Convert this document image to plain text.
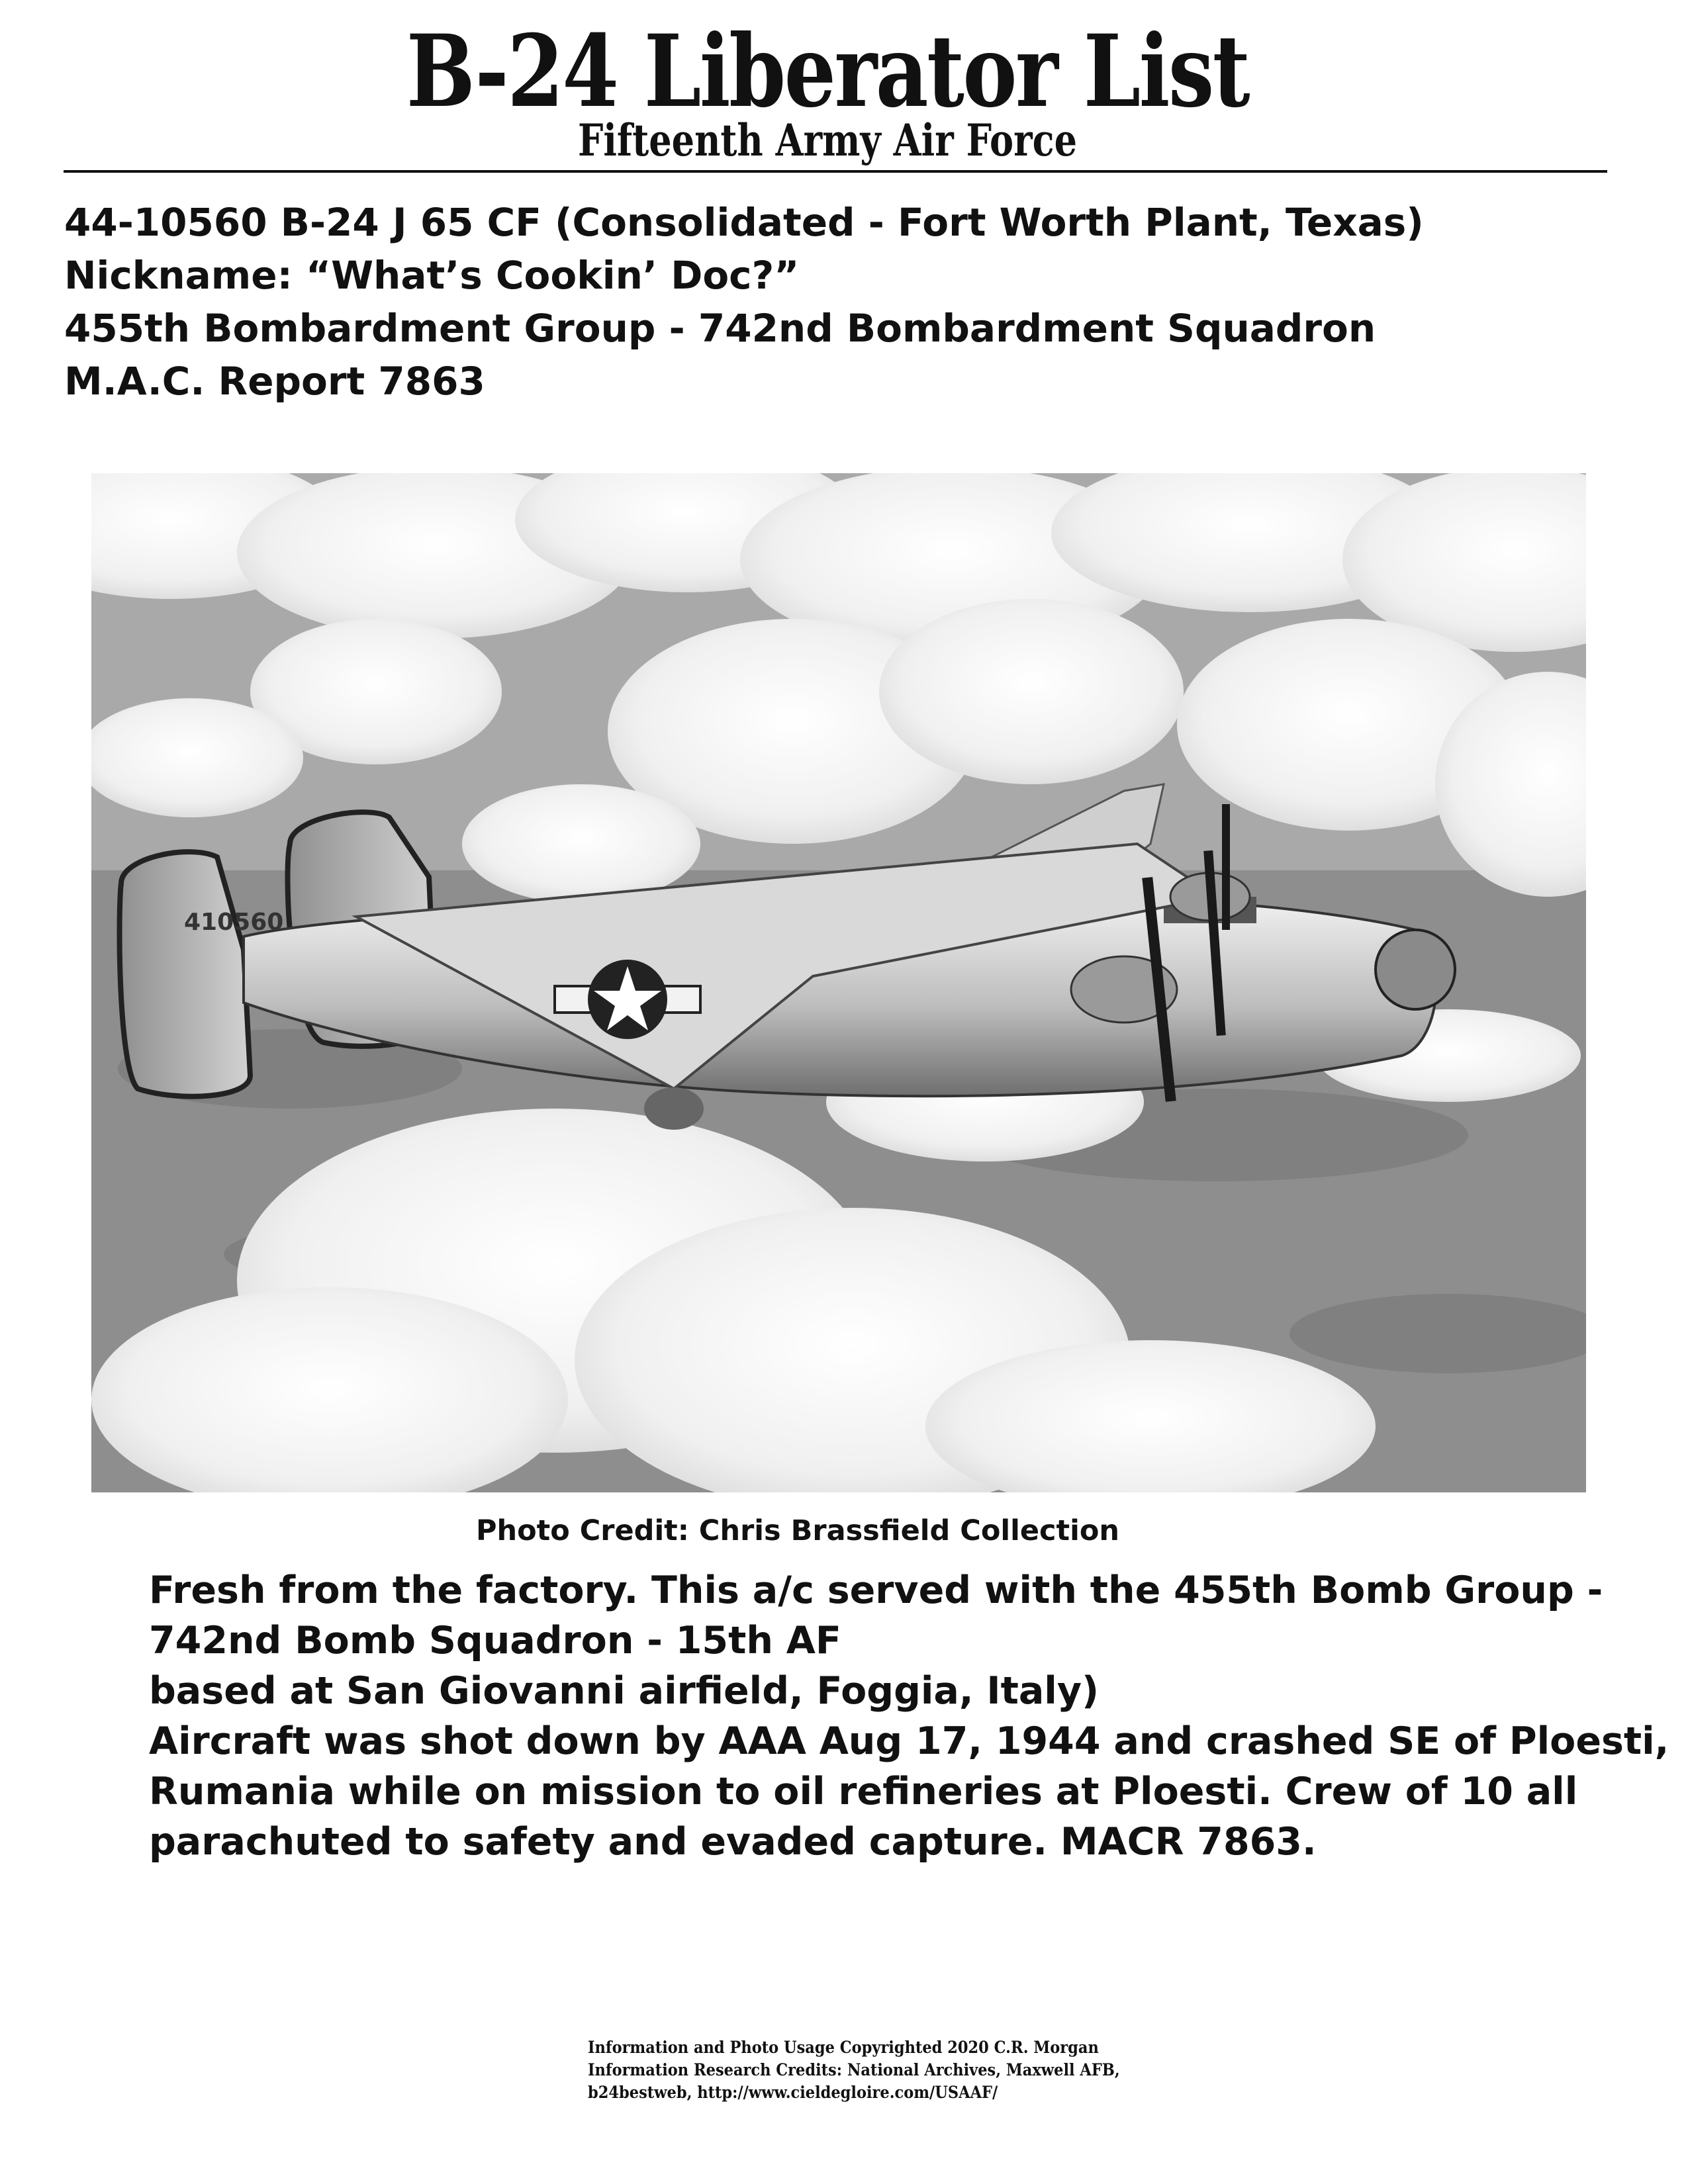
B-24 Liberator List
Fifteenth Army Air Force
44-10560 B-24 J 65 CF (Consolidated - Fort Worth Plant, Texas)
Nickname: “What’s Cookin’ Doc?”
455th Bombardment Group - 742nd Bombardment Squadron
M.A.C. Report 7863
410560
Photo Credit: Chris Brassfield Collection
Fresh from the factory. This a/c served with the 455th Bomb Group -
742nd Bomb Squadron - 15th AF
based at San Giovanni airfield, Foggia, Italy)
Aircraft was shot down by AAA Aug 17, 1944 and crashed SE of Ploesti,
Rumania while on mission to oil refineries at Ploesti. Crew of 10 all
parachuted to safety and evaded capture. MACR 7863.
Information and Photo Usage Copyrighted 2020 C.R. Morgan
Information Research Credits: National Archives, Maxwell AFB,
b24bestweb, http://www.cieldegloire.com/USAAF/
